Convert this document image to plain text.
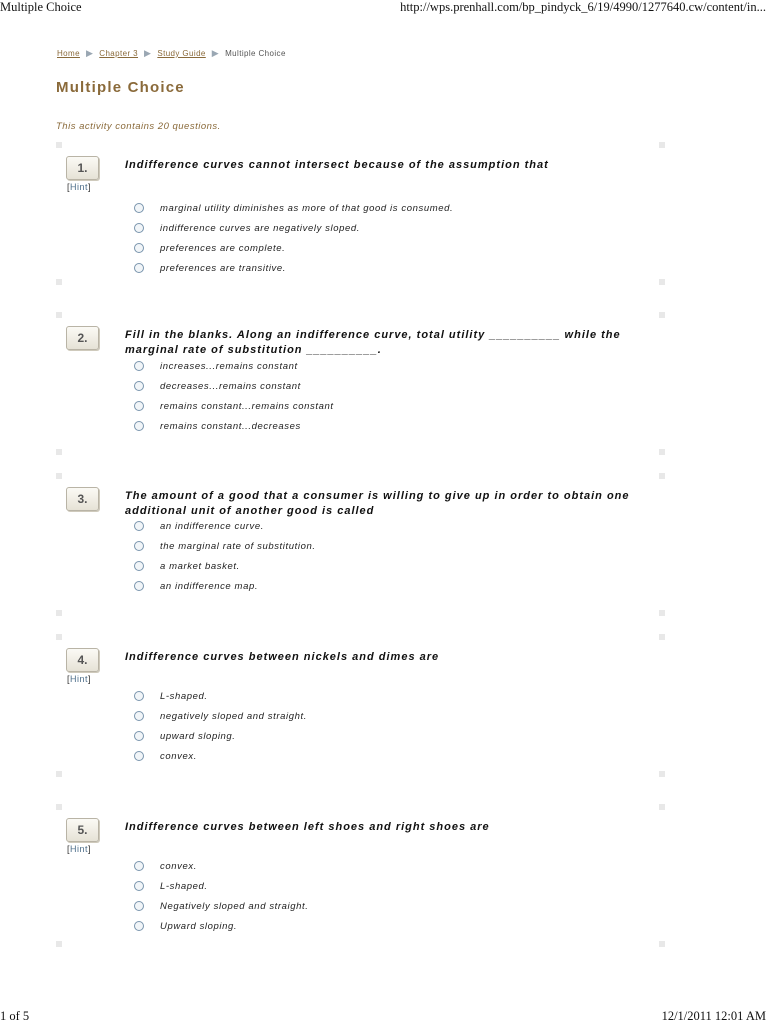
Multiple Choice	http://wps.prenhall.com/bp_pindyck_6/19/4990/1277640.cw/content/in...
Home ▶ Chapter 3 ▶ Study Guide ▶ Multiple Choice
Multiple Choice
This activity contains 20 questions.
1.
[Hint]
Indifference curves cannot intersect because of the assumption that
marginal utility diminishes as more of that good is consumed.
indifference curves are negatively sloped.
preferences are complete.
preferences are transitive.
2.	Fill in the blanks. Along an indifference curve, total utility __________ while the marginal rate of substitution __________.
increases...remains constant
decreases...remains constant
remains constant...remains constant
remains constant...decreases
3.	The amount of a good that a consumer is willing to give up in order to obtain one additional unit of another good is called
an indifference curve.
the marginal rate of substitution.
a market basket.
an indifference map.
4.
[Hint]
Indifference curves between nickels and dimes are
L-shaped.
negatively sloped and straight.
upward sloping.
convex.
5.
[Hint]
Indifference curves between left shoes and right shoes are
convex.
L-shaped.
Negatively sloped and straight.
Upward sloping.
1 of 5	12/1/2011 12:01 AM
